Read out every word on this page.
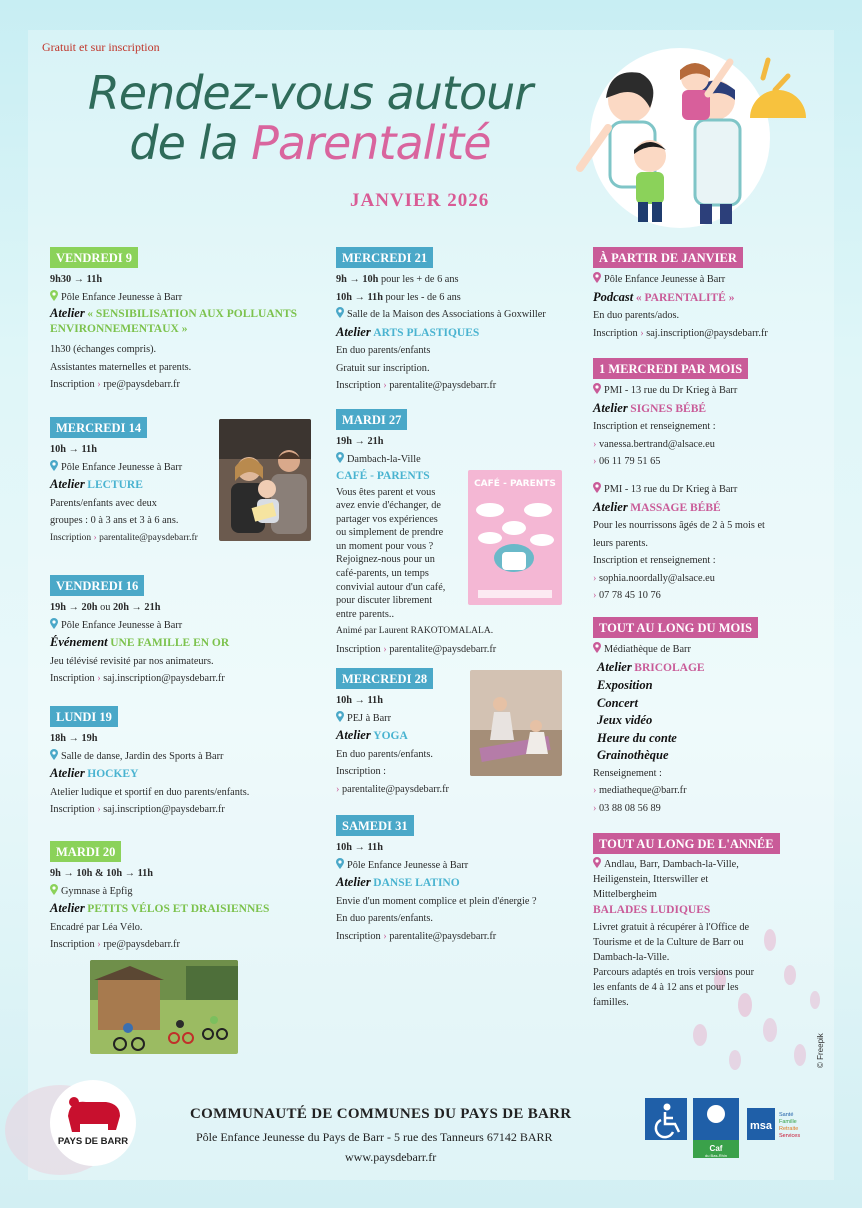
Gratuit et sur inscription
Rendez-vous autour
de la Parentalité
JANVIER 2026
VENDREDI 9
9h30 → 11h
Pôle Enfance Jeunesse à Barr
Atelier « SENSIBILISATION AUX POLLUANTS ENVIRONNEMENTAUX »
1h30 (échanges compris).
Assistantes maternelles et parents.
Inscription › rpe@paysdebarr.fr
MERCREDI 14
10h → 11h
Pôle Enfance Jeunesse à Barr
Atelier LECTURE
Parents/enfants avec deux
groupes : 0 à 3 ans et 3 à 6 ans.
Inscription › parentalite@paysdebarr.fr
VENDREDI 16
19h → 20h ou 20h → 21h
Pôle Enfance Jeunesse à Barr
Événement UNE FAMILLE EN OR
Jeu télévisé revisité par nos animateurs.
Inscription › saj.inscription@paysdebarr.fr
LUNDI 19
18h → 19h
Salle de danse, Jardin des Sports à Barr
Atelier HOCKEY
Atelier ludique et sportif en duo parents/enfants.
Inscription › saj.inscription@paysdebarr.fr
MARDI 20
9h → 10h & 10h → 11h
Gymnase à Epfig
Atelier PETITS VÉLOS ET DRAISIENNES
Encadré par Léa Vélo.
Inscription › rpe@paysdebarr.fr
MERCREDI 21
9h → 10h pour les + de 6 ans
10h → 11h pour les - de 6 ans
Salle de la Maison des Associations à Goxwiller
Atelier ARTS PLASTIQUES
En duo parents/enfants
Gratuit sur inscription.
Inscription › parentalite@paysdebarr.fr
MARDI 27
19h → 21h
Dambach-la-Ville
CAFÉ - PARENTS
Vous êtes parent et vous
avez envie d'échanger, de
partager vos expériences
ou simplement de prendre
un moment pour vous ?
Rejoignez-nous pour un
café-parents, un temps
convivial autour d'un café,
pour discuter librement
entre parents..
Animé par Laurent RAKOTOMALALA.
Inscription › parentalite@paysdebarr.fr
MERCREDI 28
10h → 11h
PEJ à Barr
Atelier YOGA
En duo parents/enfants.
Inscription :
› parentalite@paysdebarr.fr
SAMEDI 31
10h → 11h
Pôle Enfance Jeunesse à Barr
Atelier DANSE LATINO
Envie d'un moment complice et plein d'énergie ?
En duo parents/enfants.
Inscription › parentalite@paysdebarr.fr
CAFÉ - PARENTS
À PARTIR DE JANVIER
Pôle Enfance Jeunesse à Barr
Podcast « PARENTALITÉ »
En duo parents/ados.
Inscription › saj.inscription@paysdebarr.fr
1 MERCREDI PAR MOIS
PMI - 13 rue du Dr Krieg à Barr
Atelier SIGNES BÉBÉ
Inscription et renseignement :
› vanessa.bertrand@alsace.eu
› 06 11 79 51 65
PMI - 13 rue du Dr Krieg à Barr
Atelier MASSAGE BÉBÉ
Pour les nourrissons âgés de 2 à 5 mois et
leurs parents.
Inscription et renseignement :
› sophia.noordally@alsace.eu
› 07 78 45 10 76
TOUT AU LONG DU MOIS
Médiathèque de Barr
Atelier BRICOLAGE
Exposition
Concert
Jeux vidéo
Heure du conte
Grainothèque
Renseignement :
› mediatheque@barr.fr
› 03 88 08 56 89
TOUT AU LONG DE L'ANNÉE
Andlau, Barr, Dambach-la-Ville,
Heiligenstein, Itterswiller et
Mittelbergheim
BALADES LUDIQUES
Livret gratuit à récupérer à l'Office de
Tourisme et de la Culture de Barr ou
Dambach-la-Ville.
Parcours adaptés en trois versions pour
les enfants de 4 à 12 ans et pour les
familles.
© Freepik
PAYS DE BARR
COMMUNAUTÉ DE COMMUNES DU PAYS DE BARR
Pôle Enfance Jeunesse du Pays de Barr - 5 rue des Tanneurs 67142 BARR
www.paysdebarr.fr
Caf
du Bas-Rhin
msa
Santé
Famille
Retraite
Services
